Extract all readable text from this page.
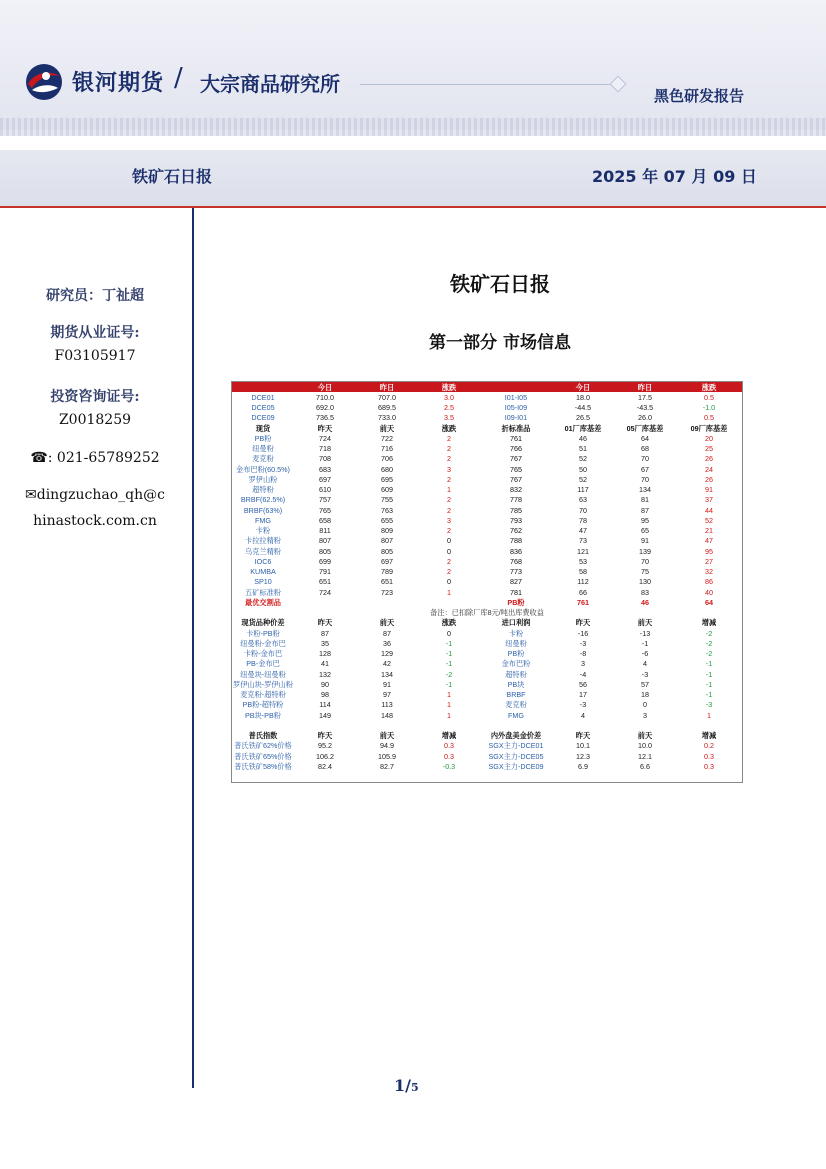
银河期货 / 大宗商品研究所	黑色研发报告
铁矿石日报	2025 年 07 月 09 日
研究员：丁祉超
期货从业证号:
F03105917
投资咨询证号:
Z0018259
☎: 021-65789252
✉dingzuchao_qh@c
hinastock.com.cn
铁矿石日报
第一部分 市场信息
	今日	昨日	涨跌		今日	昨日	涨跌	
DCE01	710.0	707.0	3.0	I01-I05	18.0	17.5	0.5	
DCE05	692.0	689.5	2.5	I05-I09	-44.5	-43.5	-1.0	
DCE09	736.5	733.0	3.5	I09-I01	26.5	26.0	0.5	
现货	昨天	前天	涨跌	折标准品	01厂库基差	05厂库基差	09厂库基差	
PB粉	724	722	2	761	46	64	20	
纽曼粉	718	716	2	766	51	68	25	
麦克粉	708	706	2	767	52	70	26	
金布巴粉(60.5%)	683	680	3	765	50	67	24	
罗伊山粉	697	695	2	767	52	70	26	
超特粉	610	609	1	832	117	134	91	
BRBF(62.5%)	757	755	2	778	63	81	37	
BRBF(63%)	765	763	2	785	70	87	44	
FMG	658	655	3	793	78	95	52	
卡粉	811	809	2	762	47	65	21	
卡拉拉精粉	807	807	0	788	73	91	47	
乌克兰精粉	805	805	0	836	121	139	95	
IOC6	699	697	2	768	53	70	27	
KUMBA	791	789	2	773	58	75	32	
SP10	651	651	0	827	112	130	86	
五矿标准粉	724	723	1	781	66	83	40	
最优交割品				PB粉	761	46	64	
备注：已扣除厂库8元/吨出库费收益								
现货品种价差	昨天	前天	涨跌	进口利润	昨天	前天	增减	
卡粉-PB粉	87	87	0	卡粉	-16	-13	-2	
纽曼粉-金布巴	35	36	-1	纽曼粉	-3	-1	-2	
卡粉-金布巴	128	129	-1	PB粉	-8	-6	-2	
PB-金布巴	41	42	-1	金布巴粉	3	4	-1	
纽曼块-纽曼粉	132	134	-2	超特粉	-4	-3	-1	
罗伊山块-罗伊山粉	90	91	-1	PB块	56	57	-1	
麦克粉-超特粉	98	97	1	BRBF	17	18	-1	
PB粉-超特粉	114	113	1	麦克粉	-3	0	-3	
PB块-PB粉	149	148	1	FMG	4	3	1	

普氏指数	昨天	前天	增减	内外盘美金价差	昨天	前天	增减	
普氏铁矿62%价格	95.2	94.9	0.3	SGX主力-DCE01	10.1	10.0	0.2	
普氏铁矿65%价格	106.2	105.9	0.3	SGX主力-DCE05	12.3	12.1	0.3	
普氏铁矿58%价格	82.4	82.7	-0.3	SGX主力-DCE09	6.9	6.6	0.3	
1/5
